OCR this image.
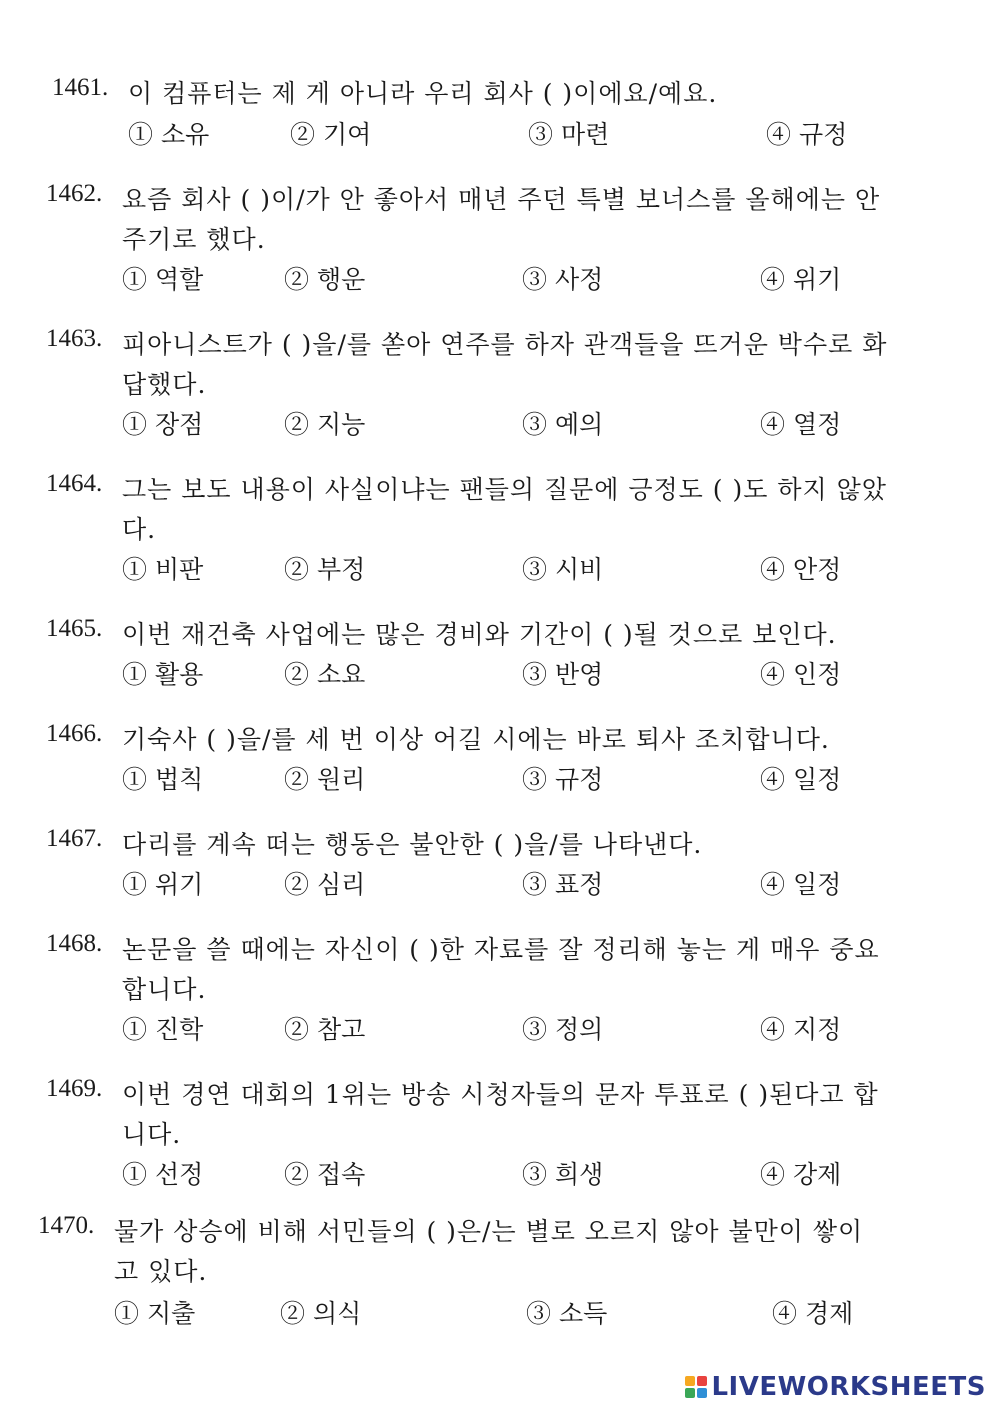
1461. 이 컴퓨터는 제 게 아니라 우리 회사 ( )이에요/예요.
① 소유	② 기여	③ 마련	④ 규정
1462. 요즘 회사 ( )이/가 안 좋아서 매년 주던 특별 보너스를 올해에는 안
주기로 했다.
① 역할	② 행운	③ 사정	④ 위기
1463. 피아니스트가 ( )을/를 쏟아 연주를 하자 관객들을 뜨거운 박수로 화
답했다.
① 장점	② 지능	③ 예의	④ 열정
1464. 그는 보도 내용이 사실이냐는 팬들의 질문에 긍정도 ( )도 하지 않았
다.
① 비판	② 부정	③ 시비	④ 안정
1465. 이번 재건축 사업에는 많은 경비와 기간이 ( )될 것으로 보인다.
① 활용	② 소요	③ 반영	④ 인정
1466. 기숙사 ( )을/를 세 번 이상 어길 시에는 바로 퇴사 조치합니다.
① 법칙	② 원리	③ 규정	④ 일정
1467. 다리를 계속 떠는 행동은 불안한 ( )을/를 나타낸다.
① 위기	② 심리	③ 표정	④ 일정
1468. 논문을 쓸 때에는 자신이 ( )한 자료를 잘 정리해 놓는 게 매우 중요
합니다.
① 진학	② 참고	③ 정의	④ 지정
1469. 이번 경연 대회의 1위는 방송 시청자들의 문자 투표로 ( )된다고 합
니다.
① 선정	② 접속	③ 희생	④ 강제
1470. 물가 상승에 비해 서민들의 ( )은/는 별로 오르지 않아 불만이 쌓이
고 있다.
① 지출	② 의식	③ 소득	④ 경제
LIVEWORKSHEETS
